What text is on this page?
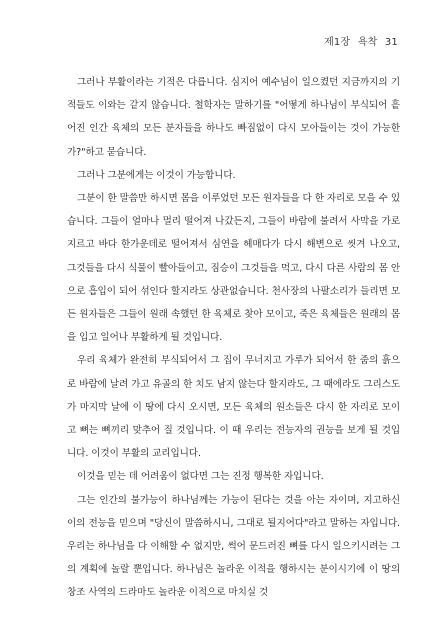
제1장 욕착 31

그러나 부활이라는 기적은 다릅니다. 심지어 예수님이 일으켰던 지금까지의 기적들도 이와는 같지 않습니다. 철학자는 말하기를 "어떻게 하나님이 부식되어 흩어진 인간 육체의 모든 분자들을 하나도 빠짐없이 다시 모아들이는 것이 가능한가?"하고 묻습니다.

그러나 그분에게는 이것이 가능합니다.

그분이 한 말씀만 하시면 몸을 이루었던 모든 원자들을 다 한 자리로 모을 수 있습니다. 그들이 얼마나 멀리 떨어져 나갔든지, 그들이 바람에 불려서 사막을 가로지르고 바다 한가운데로 떨어져서 심연을 헤매다가 다시 해변으로 씻겨 나오고, 그것들을 다시 식물이 빨아들이고, 짐승이 그것들을 먹고, 다시 다른 사람의 몸 안으로 흡입이 되어 섞인다 할지라도 상관없습니다. 천사장의 나팔소리가 들리면 모든 원자들은 그들이 원래 속했던 한 육체로 찾아 모이고, 죽은 육체들은 원래의 몸을 입고 일어나 부활하게 될 것입니다.

우리 육체가 완전히 부식되어서 그 집이 무너지고 가루가 되어서 한 줌의 흙으로 바람에 날려 가고 유골의 한 치도 남지 않는다 할지라도, 그 때에라도 그리스도가 마지막 날에 이 땅에 다시 오시면, 모든 육체의 원소들은 다시 한 자리로 모이고 뼈는 뼈끼리 맞추어 질 것입니다. 이 때 우리는 전능자의 권능을 보게 될 것입니다. 이것이 부활의 교리입니다.

이것을 믿는 데 어려움이 없다면 그는 진정 행복한 자입니다.

그는 인간의 불가능이 하나님께는 가능이 된다는 것을 아는 자이며, 지고하신 이의 전능을 믿으며 "당신이 말씀하시니, 그대로 될지어다"라고 말하는 자입니다. 우리는 하나님을 다 이해할 수 없지만, 썩어 문드러진 뼈를 다시 일으키시려는 그의 계획에 놀랄 뿐입니다. 하나님은 놀라운 이적을 행하시는 분이시기에 이 땅의 창조 사역의 드라마도 놀라운 이적으로 마치실 것
